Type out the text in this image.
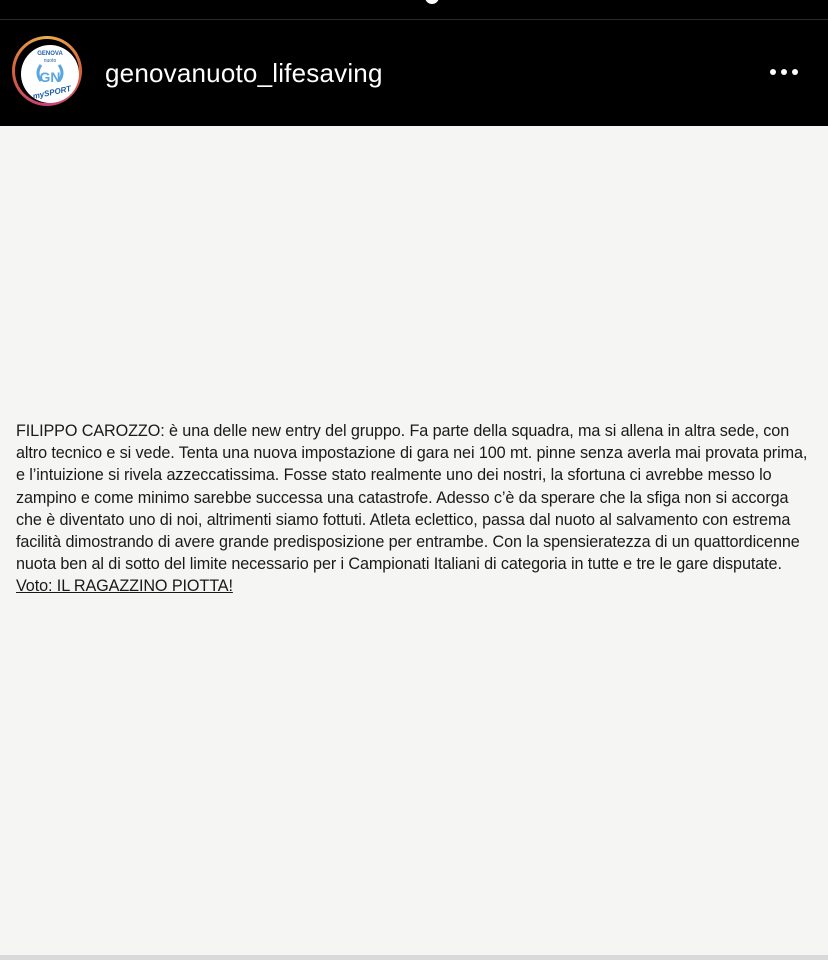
GENOVA
nuoto
GN
mySPORT
genovanuoto_lifesaving

FILIPPO CAROZZO: è una delle new entry del gruppo. Fa parte della squadra, ma si allena in altra sede, con altro tecnico e si vede. Tenta una nuova impostazione di gara nei 100 mt. pinne senza averla mai provata prima, e l’intuizione si rivela azzeccatissima. Fosse stato realmente uno dei nostri, la sfortuna ci avrebbe messo lo zampino e come minimo sarebbe successa una catastrofe. Adesso c’è da sperare che la sfiga non si accorga che è diventato uno di noi, altrimenti siamo fottuti. Atleta eclettico, passa dal nuoto al salvamento con estrema facilità dimostrando di avere grande predisposizione per entrambe. Con la spensieratezza di un quattordicenne nuota ben al di sotto del limite necessario per i Campionati Italiani di categoria in tutte e tre le gare disputate.

Voto: IL RAGAZZINO PIOTTA!
